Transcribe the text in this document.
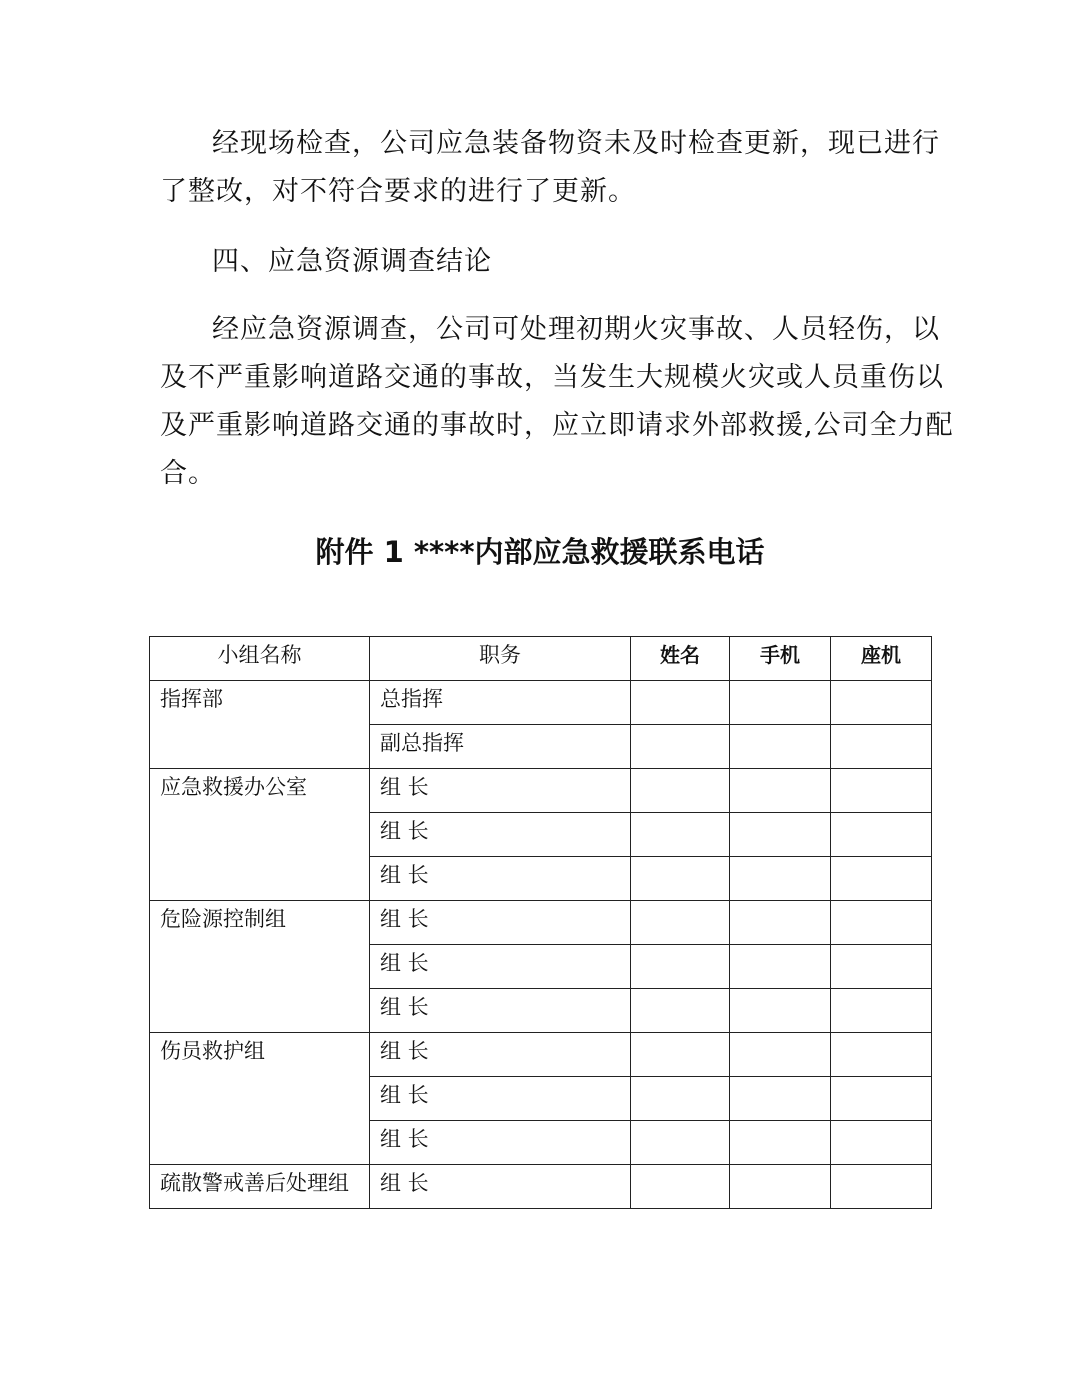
经现场检查，公司应急装备物资未及时检查更新，现已进行
了整改，对不符合要求的进行了更新。

四、应急资源调查结论

经应急资源调查，公司可处理初期火灾事故、人员轻伤，以
及不严重影响道路交通的事故，当发生大规模火灾或人员重伤以
及严重影响道路交通的事故时，应立即请求外部救援,公司全力配
合。

附件 1 ****内部应急救援联系电话
小组名称	职务	姓名	手机	座机
指挥部	总指挥			
	副总指挥			
应急救援办公室	组 长			
	组 长			
	组 长			
危险源控制组	组 长			
	组 长			
	组 长			
伤员救护组	组 长			
	组 长			
	组 长			
疏散警戒善后处理组	组 长			
